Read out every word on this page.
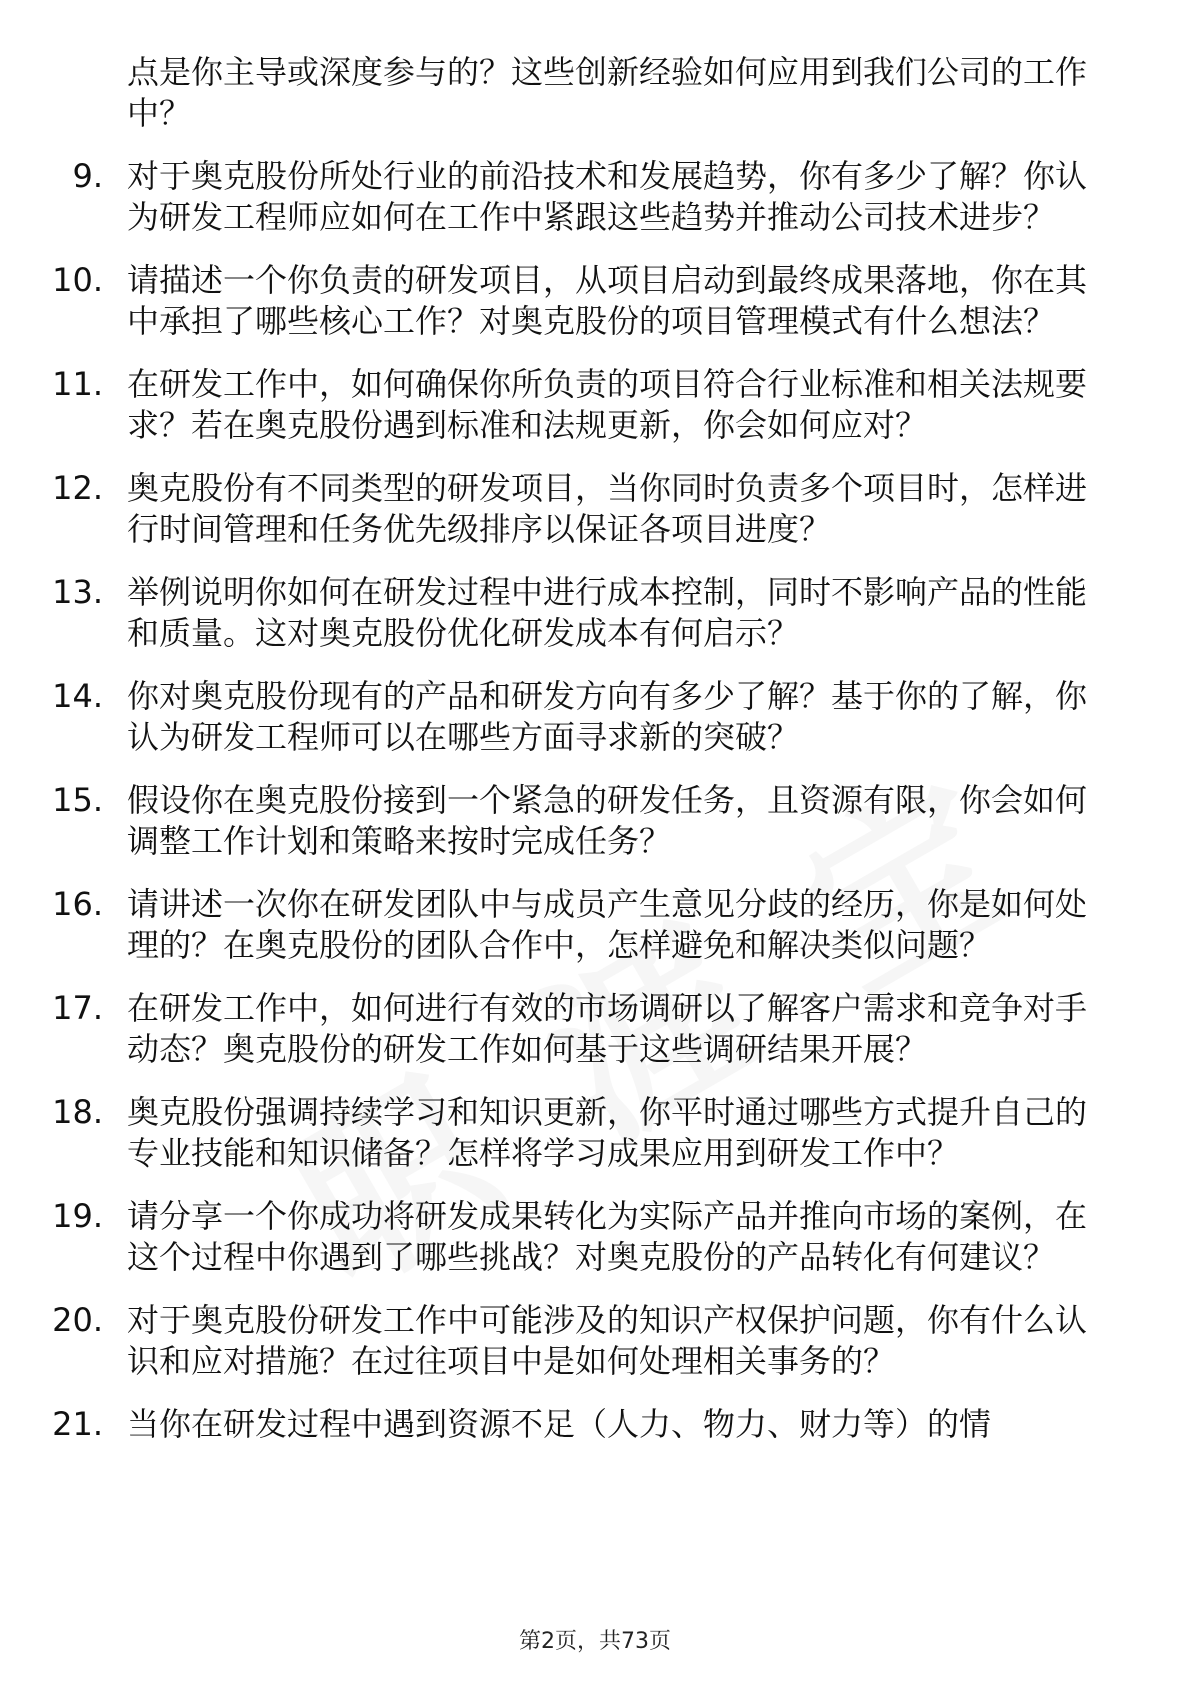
点是你主导或深度参与的？这些创新经验如何应用到我们公司的工作中？
9. 对于奥克股份所处行业的前沿技术和发展趋势，你有多少了解？你认为研发工程师应如何在工作中紧跟这些趋势并推动公司技术进步？
10. 请描述一个你负责的研发项目，从项目启动到最终成果落地，你在其中承担了哪些核心工作？对奥克股份的项目管理模式有什么想法？
11. 在研发工作中，如何确保你所负责的项目符合行业标准和相关法规要求？若在奥克股份遇到标准和法规更新，你会如何应对？
12. 奥克股份有不同类型的研发项目，当你同时负责多个项目时，怎样进行时间管理和任务优先级排序以保证各项目进度？
13. 举例说明你如何在研发过程中进行成本控制，同时不影响产品的性能和质量。这对奥克股份优化研发成本有何启示？
14. 你对奥克股份现有的产品和研发方向有多少了解？基于你的了解，你认为研发工程师可以在哪些方面寻求新的突破？
15. 假设你在奥克股份接到一个紧急的研发任务，且资源有限，你会如何调整工作计划和策略来按时完成任务？
16. 请讲述一次你在研发团队中与成员产生意见分歧的经历，你是如何处理的？在奥克股份的团队合作中，怎样避免和解决类似问题？
17. 在研发工作中，如何进行有效的市场调研以了解客户需求和竞争对手动态？奥克股份的研发工作如何基于这些调研结果开展？
18. 奥克股份强调持续学习和知识更新，你平时通过哪些方式提升自己的专业技能和知识储备？怎样将学习成果应用到研发工作中？
19. 请分享一个你成功将研发成果转化为实际产品并推向市场的案例，在这个过程中你遇到了哪些挑战？对奥克股份的产品转化有何建议？
20. 对于奥克股份研发工作中可能涉及的知识产权保护问题，你有什么认识和应对措施？在过往项目中是如何处理相关事务的？
21. 当你在研发过程中遇到资源不足（人力、物力、财力等）的情
第2页，共73页
